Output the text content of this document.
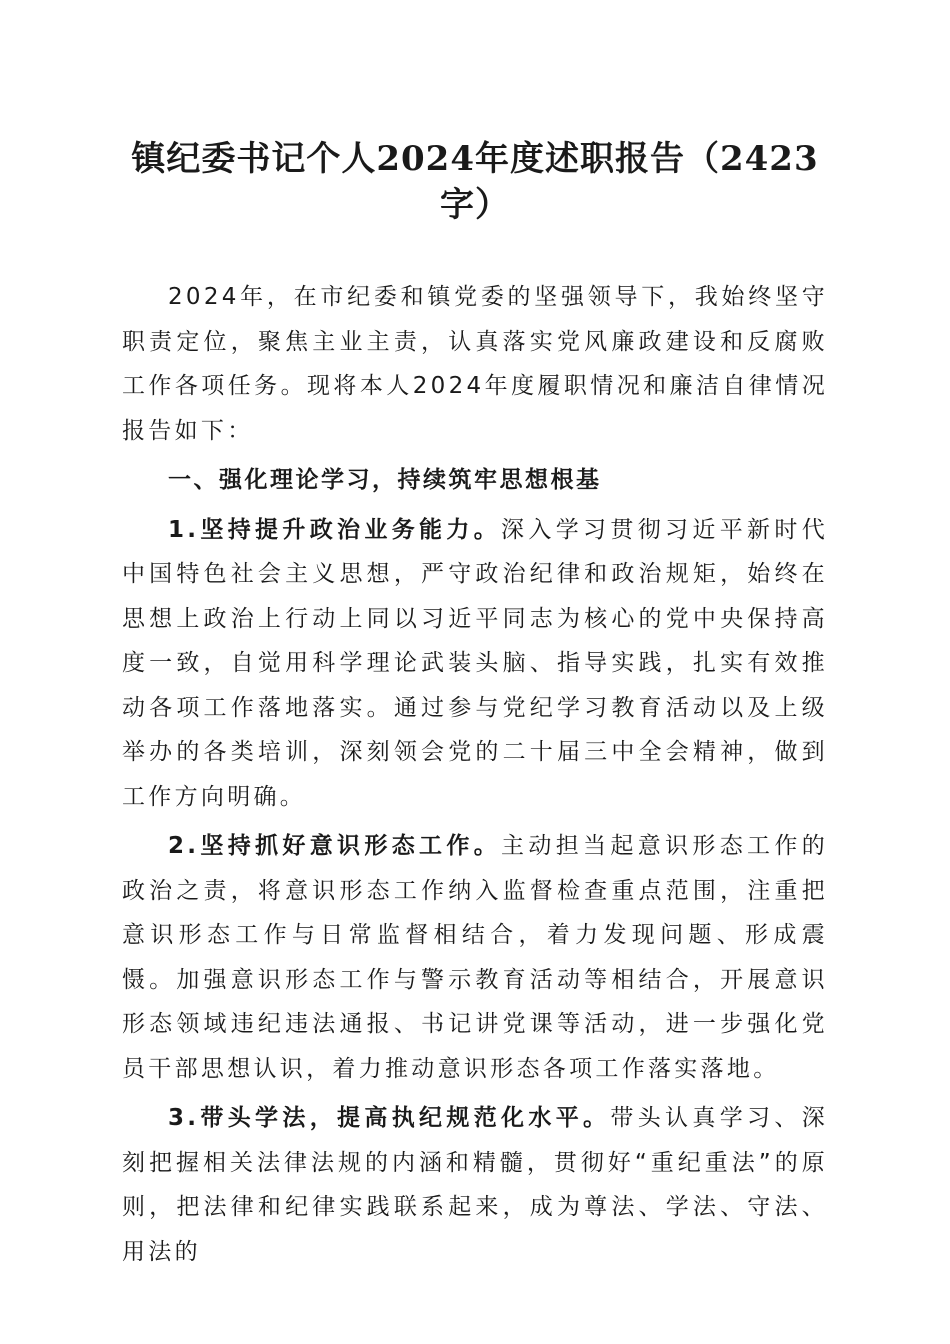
镇纪委书记个人2024年度述职报告（2423字）

2024年，在市纪委和镇党委的坚强领导下，我始终坚守职责定位，聚焦主业主责，认真落实党风廉政建设和反腐败工作各项任务。现将本人2024年度履职情况和廉洁自律情况报告如下：

一、强化理论学习，持续筑牢思想根基

1.坚持提升政治业务能力。深入学习贯彻习近平新时代中国特色社会主义思想，严守政治纪律和政治规矩，始终在思想上政治上行动上同以习近平同志为核心的党中央保持高度一致，自觉用科学理论武装头脑、指导实践，扎实有效推动各项工作落地落实。通过参与党纪学习教育活动以及上级举办的各类培训，深刻领会党的二十届三中全会精神，做到工作方向明确。

2.坚持抓好意识形态工作。主动担当起意识形态工作的政治之责，将意识形态工作纳入监督检查重点范围，注重把意识形态工作与日常监督相结合，着力发现问题、形成震慑。加强意识形态工作与警示教育活动等相结合，开展意识形态领域违纪违法通报、书记讲党课等活动，进一步强化党员干部思想认识，着力推动意识形态各项工作落实落地。

3.带头学法，提高执纪规范化水平。带头认真学习、深刻把握相关法律法规的内涵和精髓，贯彻好“重纪重法”的原则，把法律和纪律实践联系起来，成为尊法、学法、守法、用法的
